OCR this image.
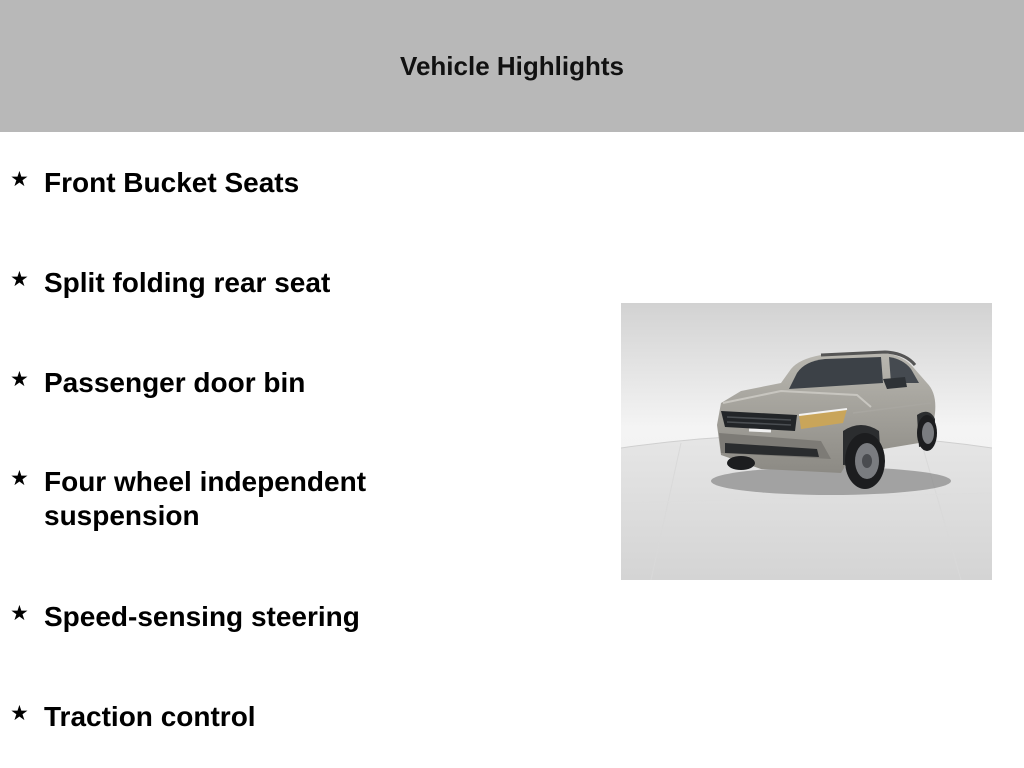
Vehicle Highlights
★ Front Bucket Seats
★ Split folding rear seat
★ Passenger door bin
★ Four wheel independent suspension
★ Speed-sensing steering
★ Traction control
